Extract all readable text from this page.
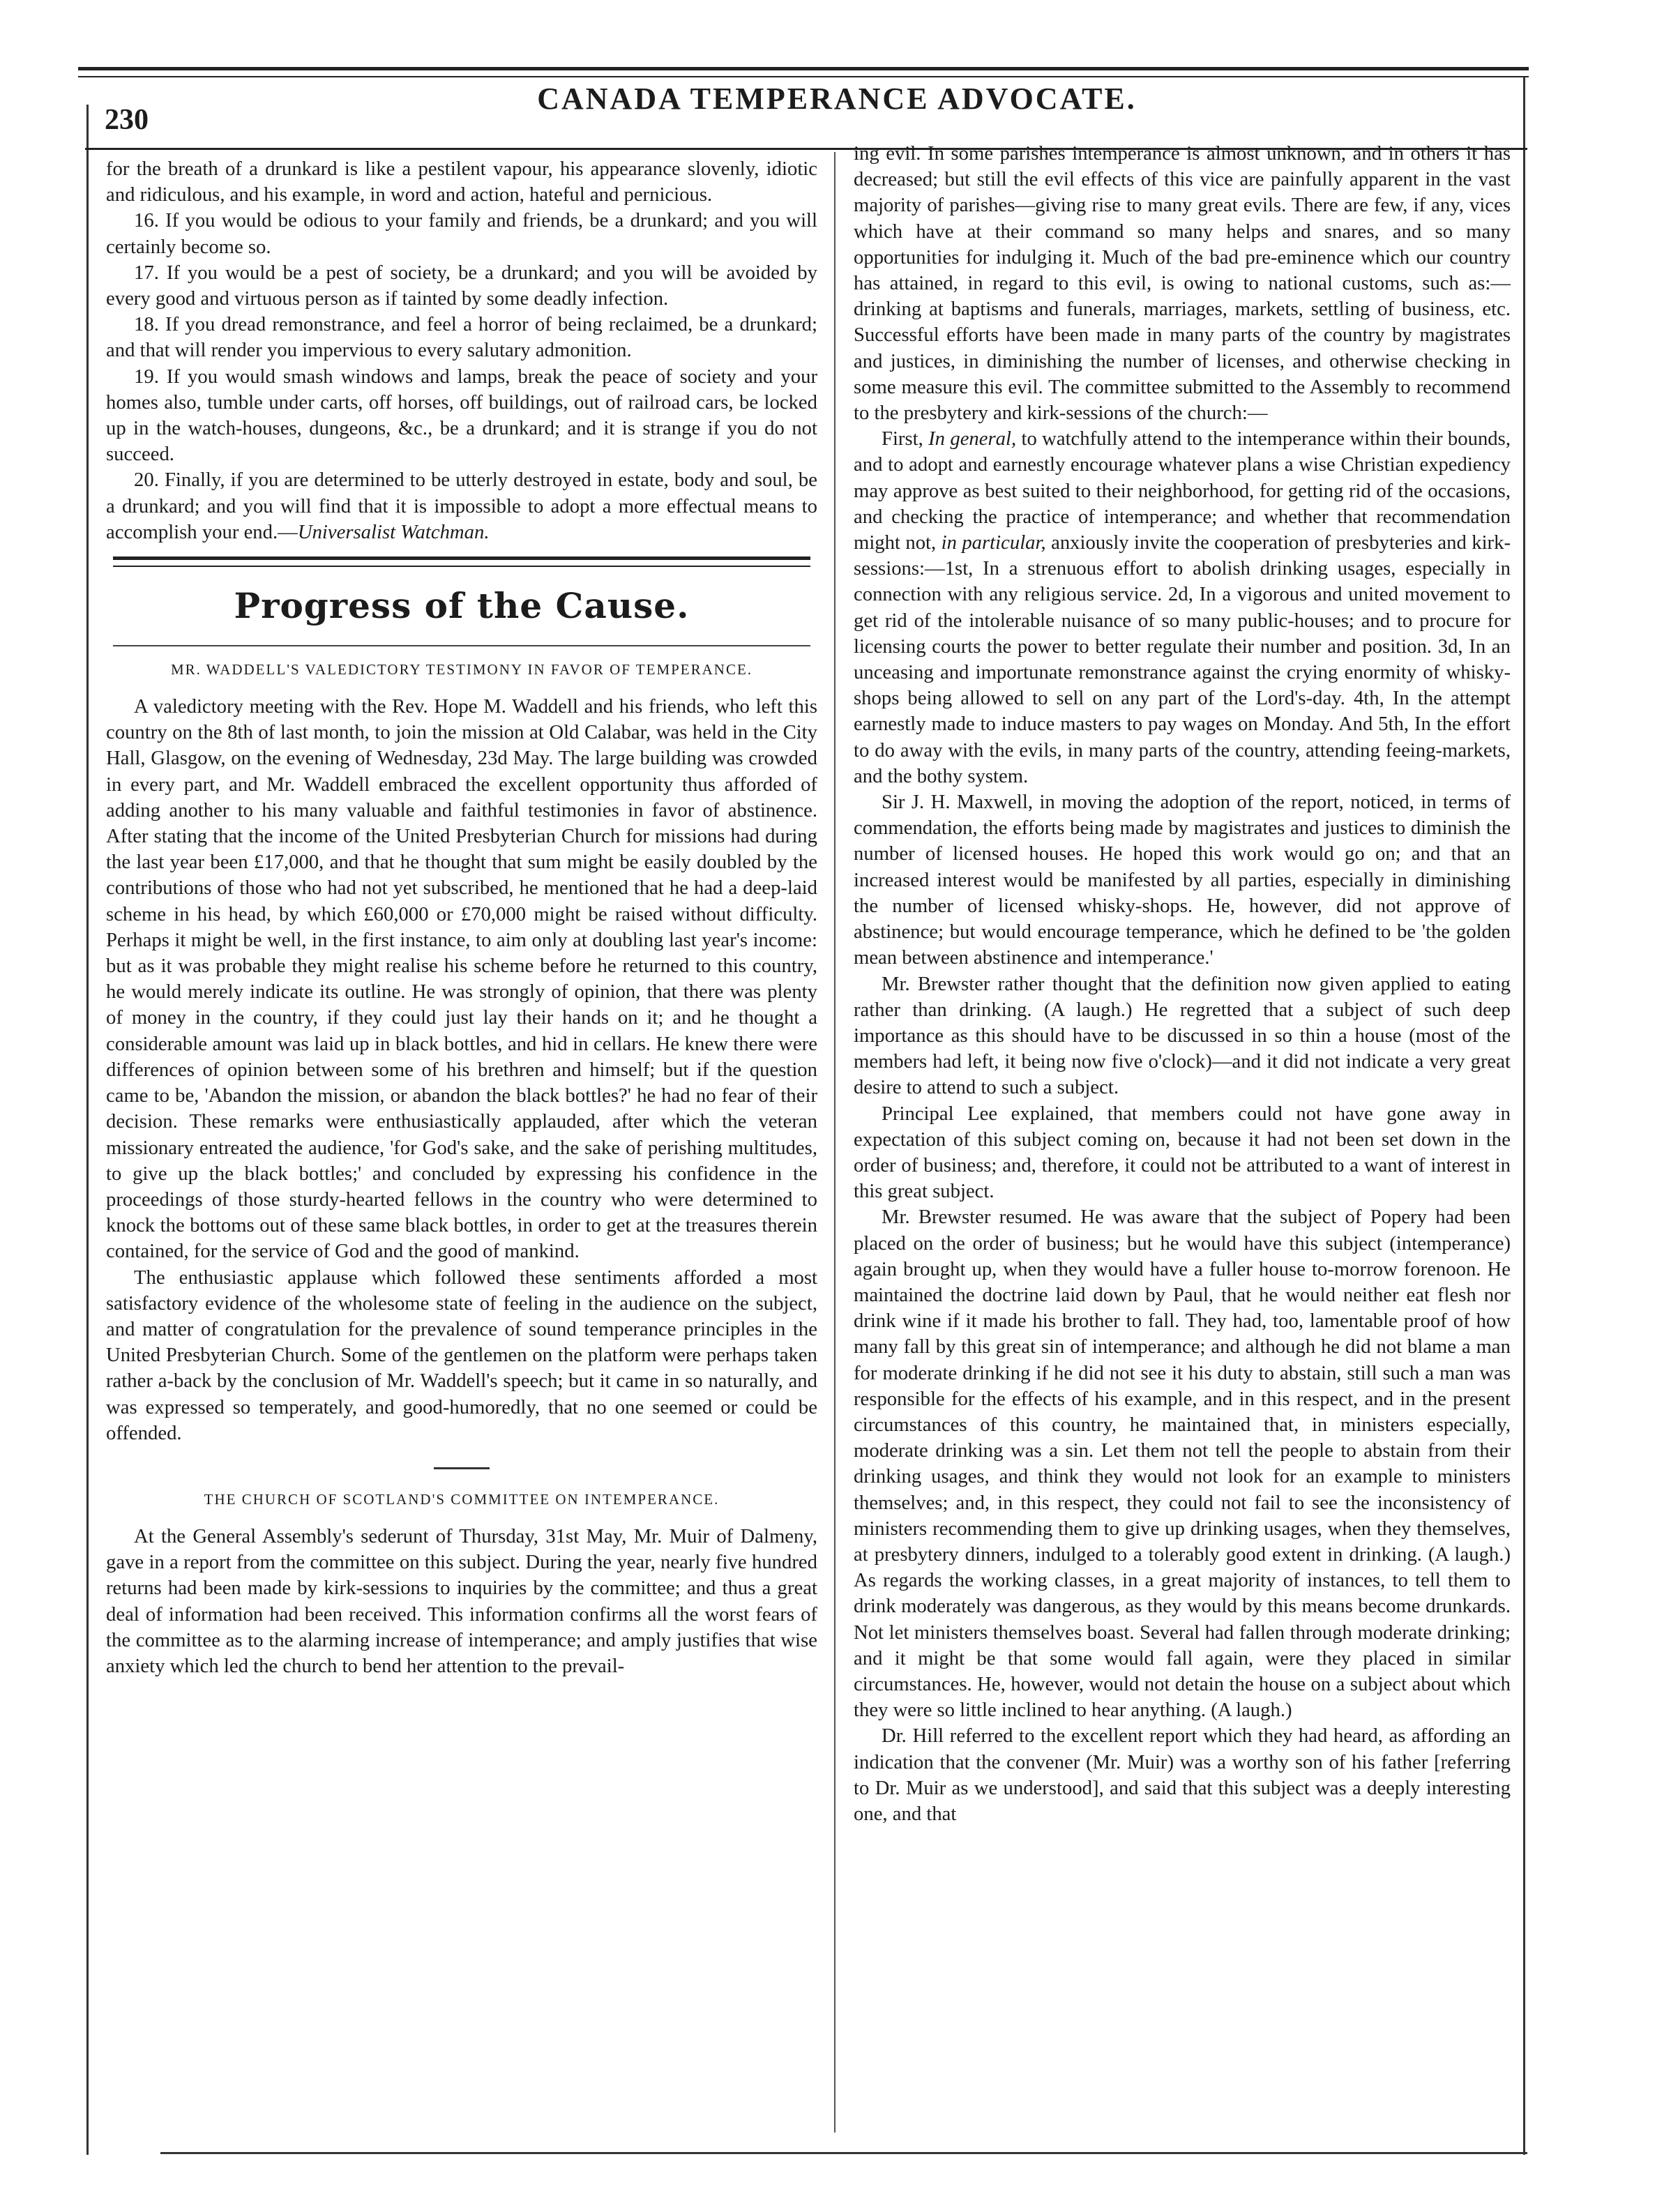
230
CANADA TEMPERANCE ADVOCATE.

for the breath of a drunkard is like a pestilent vapour, his appearance slovenly, idiotic and ridiculous, and his example, in word and action, hateful and pernicious.

16. If you would be odious to your family and friends, be a drunkard; and you will certainly become so.

17. If you would be a pest of society, be a drunkard; and you will be avoided by every good and virtuous person as if tainted by some deadly infection.

18. If you dread remonstrance, and feel a horror of being reclaimed, be a drunkard; and that will render you impervious to every salutary admonition.

19. If you would smash windows and lamps, break the peace of society and your homes also, tumble under carts, off horses, off buildings, out of railroad cars, be locked up in the watch-houses, dungeons, &c., be a drunkard; and it is strange if you do not succeed.

20. Finally, if you are determined to be utterly destroyed in estate, body and soul, be a drunkard; and you will find that it is impossible to adopt a more effectual means to accomplish your end.—Universalist Watchman.

Progress of the Cause.
MR. WADDELL'S VALEDICTORY TESTIMONY IN FAVOR OF TEMPERANCE.

A valedictory meeting with the Rev. Hope M. Waddell and his friends, who left this country on the 8th of last month, to join the mission at Old Calabar, was held in the City Hall, Glasgow, on the evening of Wednesday, 23d May. The large building was crowded in every part, and Mr. Waddell embraced the excellent opportunity thus afforded of adding another to his many valuable and faithful testimonies in favor of abstinence. After stating that the income of the United Presbyterian Church for missions had during the last year been £17,000, and that he thought that sum might be easily doubled by the contributions of those who had not yet subscribed, he mentioned that he had a deep-laid scheme in his head, by which £60,000 or £70,000 might be raised without difficulty. Perhaps it might be well, in the first instance, to aim only at doubling last year's income: but as it was probable they might realise his scheme before he returned to this country, he would merely indicate its outline. He was strongly of opinion, that there was plenty of money in the country, if they could just lay their hands on it; and he thought a considerable amount was laid up in black bottles, and hid in cellars. He knew there were differences of opinion between some of his brethren and himself; but if the question came to be, 'Abandon the mission, or abandon the black bottles?' he had no fear of their decision. These remarks were enthusiastically applauded, after which the veteran missionary entreated the audience, 'for God's sake, and the sake of perishing multitudes, to give up the black bottles;' and concluded by expressing his confidence in the proceedings of those sturdy-hearted fellows in the country who were determined to knock the bottoms out of these same black bottles, in order to get at the treasures therein contained, for the service of God and the good of mankind.

The enthusiastic applause which followed these sentiments afforded a most satisfactory evidence of the wholesome state of feeling in the audience on the subject, and matter of congratulation for the prevalence of sound temperance principles in the United Presbyterian Church. Some of the gentlemen on the platform were perhaps taken rather a-back by the conclusion of Mr. Waddell's speech; but it came in so naturally, and was expressed so temperately, and good-humoredly, that no one seemed or could be offended.

THE CHURCH OF SCOTLAND'S COMMITTEE ON INTEMPERANCE.

At the General Assembly's sederunt of Thursday, 31st May, Mr. Muir of Dalmeny, gave in a report from the committee on this subject. During the year, nearly five hundred returns had been made by kirk-sessions to inquiries by the committee; and thus a great deal of information had been received. This information confirms all the worst fears of the committee as to the alarming increase of intemperance; and amply justifies that wise anxiety which led the church to bend her attention to the prevail-

ing evil. In some parishes intemperance is almost unknown, and in others it has decreased; but still the evil effects of this vice are painfully apparent in the vast majority of parishes—giving rise to many great evils. There are few, if any, vices which have at their command so many helps and snares, and so many opportunities for indulging it. Much of the bad pre-eminence which our country has attained, in regard to this evil, is owing to national customs, such as:—drinking at baptisms and funerals, marriages, markets, settling of business, etc. Successful efforts have been made in many parts of the country by magistrates and justices, in diminishing the number of licenses, and otherwise checking in some measure this evil. The committee submitted to the Assembly to recommend to the presbytery and kirk-sessions of the church:—

First, In general, to watchfully attend to the intemperance within their bounds, and to adopt and earnestly encourage whatever plans a wise Christian expediency may approve as best suited to their neighborhood, for getting rid of the occasions, and checking the practice of intemperance; and whether that recommendation might not, in particular, anxiously invite the cooperation of presbyteries and kirk-sessions:—1st, In a strenuous effort to abolish drinking usages, especially in connection with any religious service. 2d, In a vigorous and united movement to get rid of the intolerable nuisance of so many public-houses; and to procure for licensing courts the power to better regulate their number and position. 3d, In an unceasing and importunate remonstrance against the crying enormity of whisky-shops being allowed to sell on any part of the Lord's-day. 4th, In the attempt earnestly made to induce masters to pay wages on Monday. And 5th, In the effort to do away with the evils, in many parts of the country, attending feeing-markets, and the bothy system.

Sir J. H. Maxwell, in moving the adoption of the report, noticed, in terms of commendation, the efforts being made by magistrates and justices to diminish the number of licensed houses. He hoped this work would go on; and that an increased interest would be manifested by all parties, especially in diminishing the number of licensed whisky-shops. He, however, did not approve of abstinence; but would encourage temperance, which he defined to be 'the golden mean between abstinence and intemperance.'

Mr. Brewster rather thought that the definition now given applied to eating rather than drinking. (A laugh.) He regretted that a subject of such deep importance as this should have to be discussed in so thin a house (most of the members had left, it being now five o'clock)—and it did not indicate a very great desire to attend to such a subject.

Principal Lee explained, that members could not have gone away in expectation of this subject coming on, because it had not been set down in the order of business; and, therefore, it could not be attributed to a want of interest in this great subject.

Mr. Brewster resumed. He was aware that the subject of Popery had been placed on the order of business; but he would have this subject (intemperance) again brought up, when they would have a fuller house to-morrow forenoon. He maintained the doctrine laid down by Paul, that he would neither eat flesh nor drink wine if it made his brother to fall. They had, too, lamentable proof of how many fall by this great sin of intemperance; and although he did not blame a man for moderate drinking if he did not see it his duty to abstain, still such a man was responsible for the effects of his example, and in this respect, and in the present circumstances of this country, he maintained that, in ministers especially, moderate drinking was a sin. Let them not tell the people to abstain from their drinking usages, and think they would not look for an example to ministers themselves; and, in this respect, they could not fail to see the inconsistency of ministers recommending them to give up drinking usages, when they themselves, at presbytery dinners, indulged to a tolerably good extent in drinking. (A laugh.) As regards the working classes, in a great majority of instances, to tell them to drink moderately was dangerous, as they would by this means become drunkards. Not let ministers themselves boast. Several had fallen through moderate drinking; and it might be that some would fall again, were they placed in similar circumstances. He, however, would not detain the house on a subject about which they were so little inclined to hear anything. (A laugh.)

Dr. Hill referred to the excellent report which they had heard, as affording an indication that the convener (Mr. Muir) was a worthy son of his father [referring to Dr. Muir as we understood], and said that this subject was a deeply interesting one, and that
